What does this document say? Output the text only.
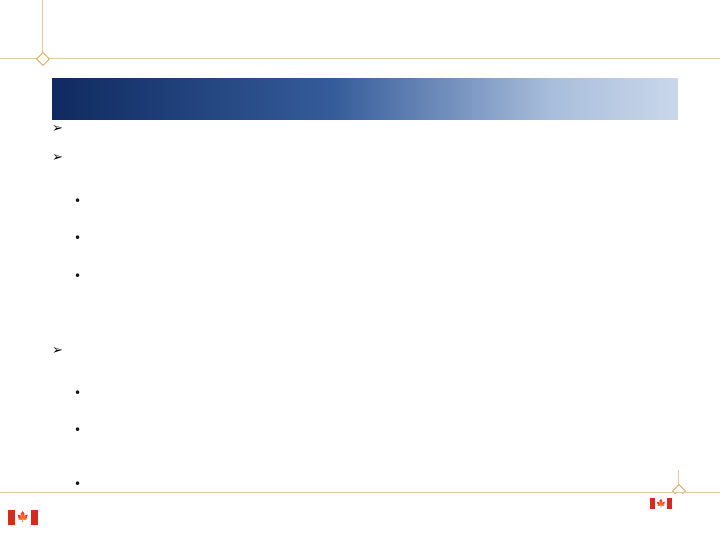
➢
➢
•
•
•
➢
•
•
•
🍁
🍁
